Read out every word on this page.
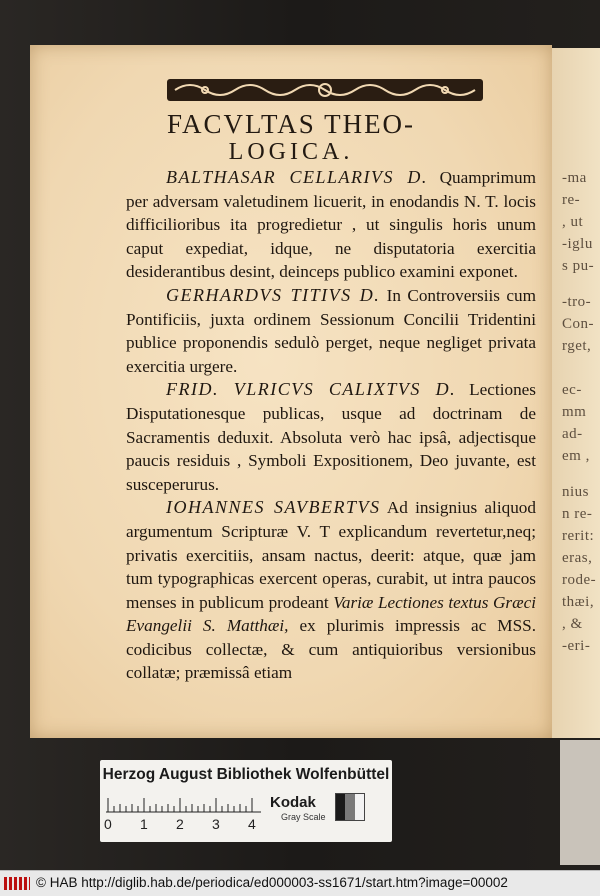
-ma
re-
, ut
-iglu
s pu-
-tro-
Con-
rget,
ec-
mm
ad-
em ,
nius
n re-
rerit:
eras,
rode-
thæi,
, &
-eri-
FACVLTAS THEO-
LOGICA.

BALTHASAR CELLARIVS D. Quamprimum per adversam valetudinem licuerit, in enodandis N. T. locis difficilioribus ita progredietur , ut singulis horis unum caput expediat, idque, ne disputatoria exercitia desiderantibus desint, deinceps publico examini exponet.

GERHARDVS TITIVS D. In Controversiis cum Pontificiis, juxta ordinem Sessionum Concilii Tridentini publice proponendis sedulò perget, neque negliget privata exercitia urgere.

FRID. VLRICVS CALIXTVS D. Lectiones Disputationesque publicas, usque ad doctrinam de Sacramentis deduxit. Absoluta verò hac ipsâ, adjectisque paucis residuis , Symboli Expositionem, Deo juvante, est susceperurus.

IOHANNES SAVBERTVS Ad insignius aliquod argumentum Scripturæ V. T explicandum revertetur,neq; privatis exercitiis, ansam nactus, deerit: atque, quæ jam tum typographicas exercent operas, curabit, ut intra paucos menses in publicum prodeant Variæ Lectiones textus Græci Evangelii S. Matthæi, ex plurimis impressis ac MSS. codicibus collectæ, & cum antiquioribus versionibus collatæ; præmissâ etiam

Herzog August Bibliothek Wolfenbüttel
0 1 2 3 4
Kodak
Gray Scale
© HAB http://diglib.hab.de/periodica/ed000003-ss1671/start.htm?image=00002
